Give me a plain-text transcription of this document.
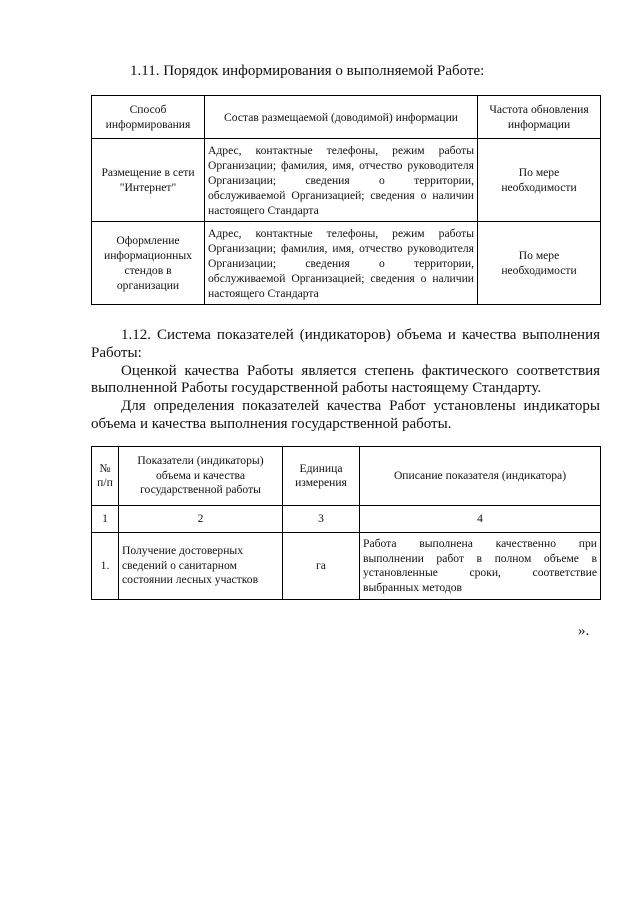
1.11. Порядок информирования о выполняемой Работе:
Способ информирования	Состав размещаемой (доводимой) информации	Частота обновления информации
Размещение в сети "Интернет"	Адрес, контактные телефоны, режим работы Организации; фамилия, имя, отчество руководителя Организации; сведения о территории, обслуживаемой Организацией; сведения о наличии настоящего Стандарта	По мере необходимости
Оформление информационных стендов в организации	Адрес, контактные телефоны, режим работы Организации; фамилия, имя, отчество руководителя Организации; сведения о территории, обслуживаемой Организацией; сведения о наличии настоящего Стандарта	По мере необходимости

1.12. Система показателей (индикаторов) объема и качества выполнения Работы:

Оценкой качества Работы является степень фактического соответствия выполненной Работы государственной работы настоящему Стандарту.

Для определения показателей качества Работ установлены индикаторы объема и качества выполнения государственной работы.

№ п/п	Показатели (индикаторы) объема и качества государственной работы	Единица измерения	Описание показателя (индикатора)
1	2	3	4
1.	Получение достоверных сведений о санитарном состоянии лесных участков	га	Работа выполнена качественно при выполнении работ в полном объеме в установленные сроки, соответствие выбранных методов
».
